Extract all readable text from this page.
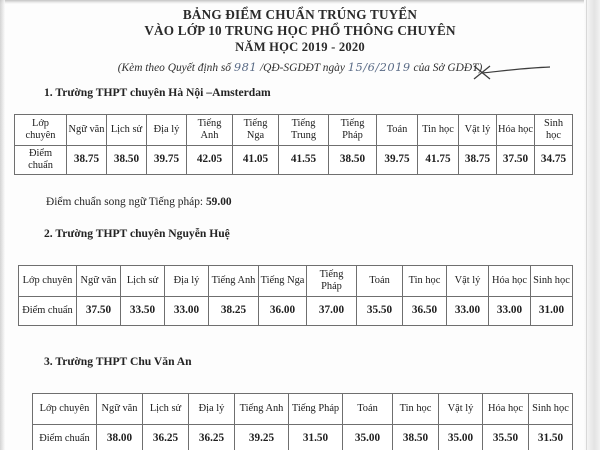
BẢNG ĐIỂM CHUẨN TRÚNG TUYỂN
VÀO LỚP 10 TRUNG HỌC PHỔ THÔNG CHUYÊN
NĂM HỌC 2019 - 2020
(Kèm theo Quyết định số 981 /QĐ-SGDĐT ngày 15/6/2019 của Sở GDĐT)
1. Trường THPT chuyên Hà Nội –Amsterdam
Lớp chuyên	Ngữ văn	Lịch sử	Địa lý	Tiếng Anh	Tiếng Nga	Tiếng Trung	Tiếng Pháp	Toán	Tin học	Vật lý	Hóa học	Sinh học
Điểm chuẩn	38.75	38.50	39.75	42.05	41.05	41.55	38.50	39.75	41.75	38.75	37.50	34.75
Điểm chuẩn song ngữ Tiếng pháp: 59.00
2. Trường THPT chuyên Nguyễn Huệ
Lớp chuyên	Ngữ văn	Lịch sử	Địa lý	Tiếng Anh	Tiếng Nga	Tiếng Pháp	Toán	Tin học	Vật lý	Hóa học	Sinh học
Điểm chuẩn	37.50	33.50	33.00	38.25	36.00	37.00	35.50	36.50	33.00	33.00	31.00
3. Trường THPT Chu Văn An
Lớp chuyên	Ngữ văn	Lịch sử	Địa lý	Tiếng Anh	Tiếng Pháp	Toán	Tin học	Vật lý	Hóa học	Sinh học
Điểm chuẩn	38.00	36.25	36.25	39.25	31.50	35.00	38.50	35.00	35.50	31.50
